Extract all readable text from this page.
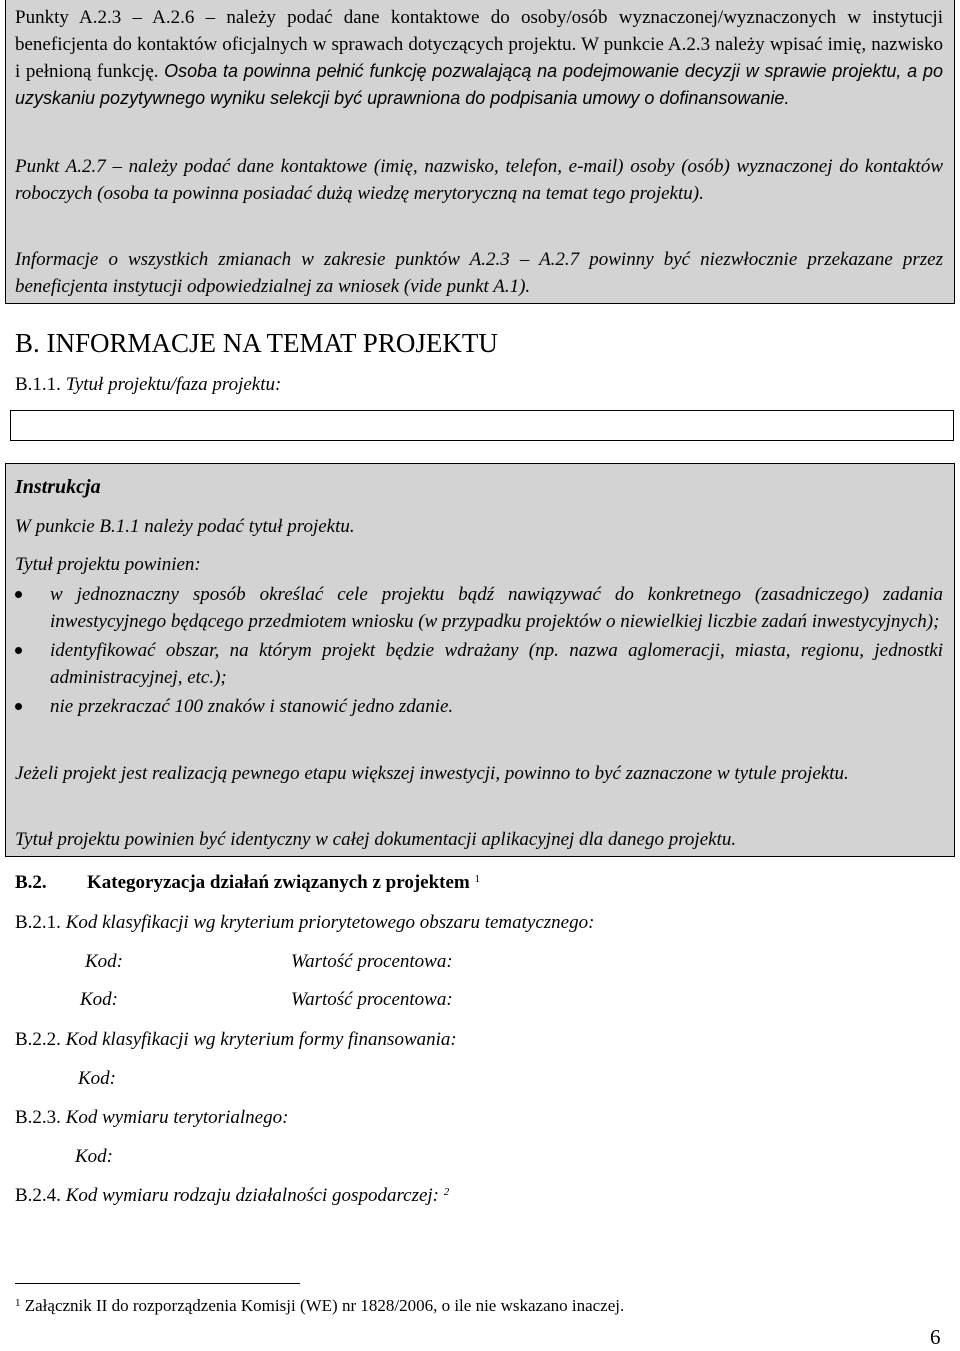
Punkty A.2.3 – A.2.6 – należy podać dane kontaktowe do osoby/osób wyznaczonej/wyznaczonych w instytucji beneficjenta do kontaktów oficjalnych w sprawach dotyczących projektu. W punkcie A.2.3 należy wpisać imię, nazwisko i pełnioną funkcję. Osoba ta powinna pełnić funkcję pozwalającą na podejmowanie decyzji w sprawie projektu, a po uzyskaniu pozytywnego wyniku selekcji być uprawniona do podpisania umowy o dofinansowanie.

Punkt A.2.7 – należy podać dane kontaktowe (imię, nazwisko, telefon, e-mail) osoby (osób) wyznaczonej do kontaktów roboczych (osoba ta powinna posiadać dużą wiedzę merytoryczną na temat tego projektu).

Informacje o wszystkich zmianach w zakresie punktów A.2.3 – A.2.7 powinny być niezwłocznie przekazane przez beneficjenta instytucji odpowiedzialnej za wniosek (vide punkt A.1).

B. INFORMACJE NA TEMAT PROJEKTU

B.1.1. Tytuł projektu/faza projektu:

Instrukcja

W punkcie B.1.1 należy podać tytuł projektu.

Tytuł projektu powinien:

w jednoznaczny sposób określać cele projektu bądź nawiązywać do konkretnego (zasadniczego) zadania inwestycyjnego będącego przedmiotem wniosku (w przypadku projektów o niewielkiej liczbie zadań inwestycyjnych);
identyfikować obszar, na którym projekt będzie wdrażany (np. nazwa aglomeracji, miasta, regionu, jednostki administracyjnej, etc.);
nie przekraczać 100 znaków i stanowić jedno zdanie.

Jeżeli projekt jest realizacją pewnego etapu większej inwestycji, powinno to być zaznaczone w tytule projektu.

Tytuł projektu powinien być identyczny w całej dokumentacji aplikacyjnej dla danego projektu.

B.2. Kategoryzacja działań związanych z projektem $^1$

B.2.1. Kod klasyfikacji wg kryterium priorytetowego obszaru tematycznego:

Kod:	Wartość procentowa:

Kod:	Wartość procentowa:

B.2.2. Kod klasyfikacji wg kryterium formy finansowania:

Kod:

B.2.3. Kod wymiaru terytorialnego:

Kod:

B.2.4. Kod wymiaru rodzaju działalności gospodarczej: $^2$

$^1$ Załącznik II do rozporządzenia Komisji (WE) nr 1828/2006, o ile nie wskazano inaczej.

6
